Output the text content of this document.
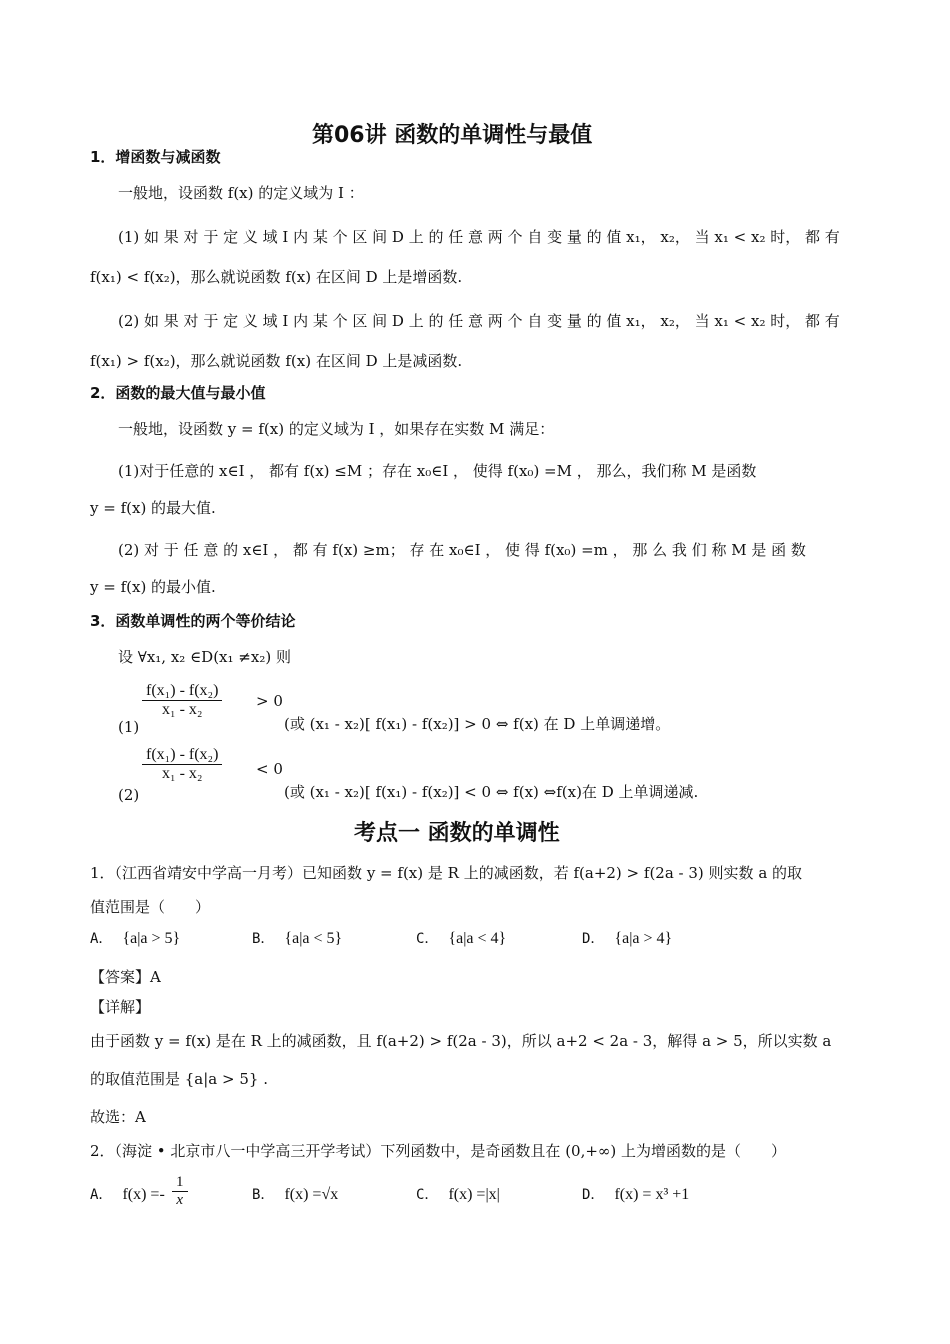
第06讲 函数的单调性与最值
1．增函数与减函数
一般地，设函数 f(x) 的定义域为 I ：
(1) 如 果 对 于 定 义 域 I 内 某 个 区 间 D 上 的 任 意 两 个 自 变 量 的 值 x₁， x₂， 当 x₁ < x₂ 时， 都 有
f(x₁) < f(x₂)，那么就说函数 f(x) 在区间 D 上是增函数.
(2) 如 果 对 于 定 义 域 I 内 某 个 区 间 D 上 的 任 意 两 个 自 变 量 的 值 x₁， x₂， 当 x₁ < x₂ 时， 都 有
f(x₁) > f(x₂)，那么就说函数 f(x) 在区间 D 上是减函数.
2．函数的最大值与最小值
一般地，设函数 y = f(x) 的定义域为 I ，如果存在实数 M 满足：
(1)对于任意的 x∈I ， 都有 f(x) ≤M ；存在 x₀∈I ， 使得 f(x₀) =M ， 那么，我们称 M 是函数
y = f(x) 的最大值.
(2) 对 于 任 意 的 x∈I ， 都 有 f(x) ≥m； 存 在 x₀∈I ， 使 得 f(x₀) =m ， 那 么 我 们 称 M 是 函 数
y = f(x) 的最小值.
3．函数单调性的两个等价结论
设 ∀x₁, x₂ ∈D(x₁ ≠x₂) 则
$\frac{\text{f(x₁) - f(x₂)}}{\text{x₁ - x₂}} > 0$
(1)	(或 (x₁ - x₂)[ f(x₁) - f(x₂)] > 0 ⇔ f(x) 在 D 上单调递增。
$\frac{\text{f(x₁) - f(x₂)}}{\text{x₁ - x₂}} < 0$
(2)	(或 (x₁ - x₂)[ f(x₁) - f(x₂)] < 0 ⇔ f(x) ⇔f(x)在 D 上单调递减.
考点一 函数的单调性
1．（江西省靖安中学高一月考）已知函数 y = f(x) 是 R 上的减函数，若 f(a+2) > f(2a - 3) 则实数 a 的取
值范围是（　　）
A． {a|a > 5}	B． {a|a < 5}	C． {a|a < 4}	D． {a|a > 4}
【答案】A
【详解】
由于函数 y = f(x) 是在 R 上的减函数，且 f(a+2) > f(2a - 3)，所以 a+2 < 2a - 3，解得 a > 5，所以实数 a
的取值范围是 {a|a > 5} .
故选：A
2．（海淀 • 北京市八一中学高三开学考试）下列函数中，是奇函数且在 (0,+∞) 上为增函数的是（　　）
A． $f(x) =- \frac{1}{x}$	B． f(x) =√x	C． f(x) =|x|	D． f(x) = x³ +1
